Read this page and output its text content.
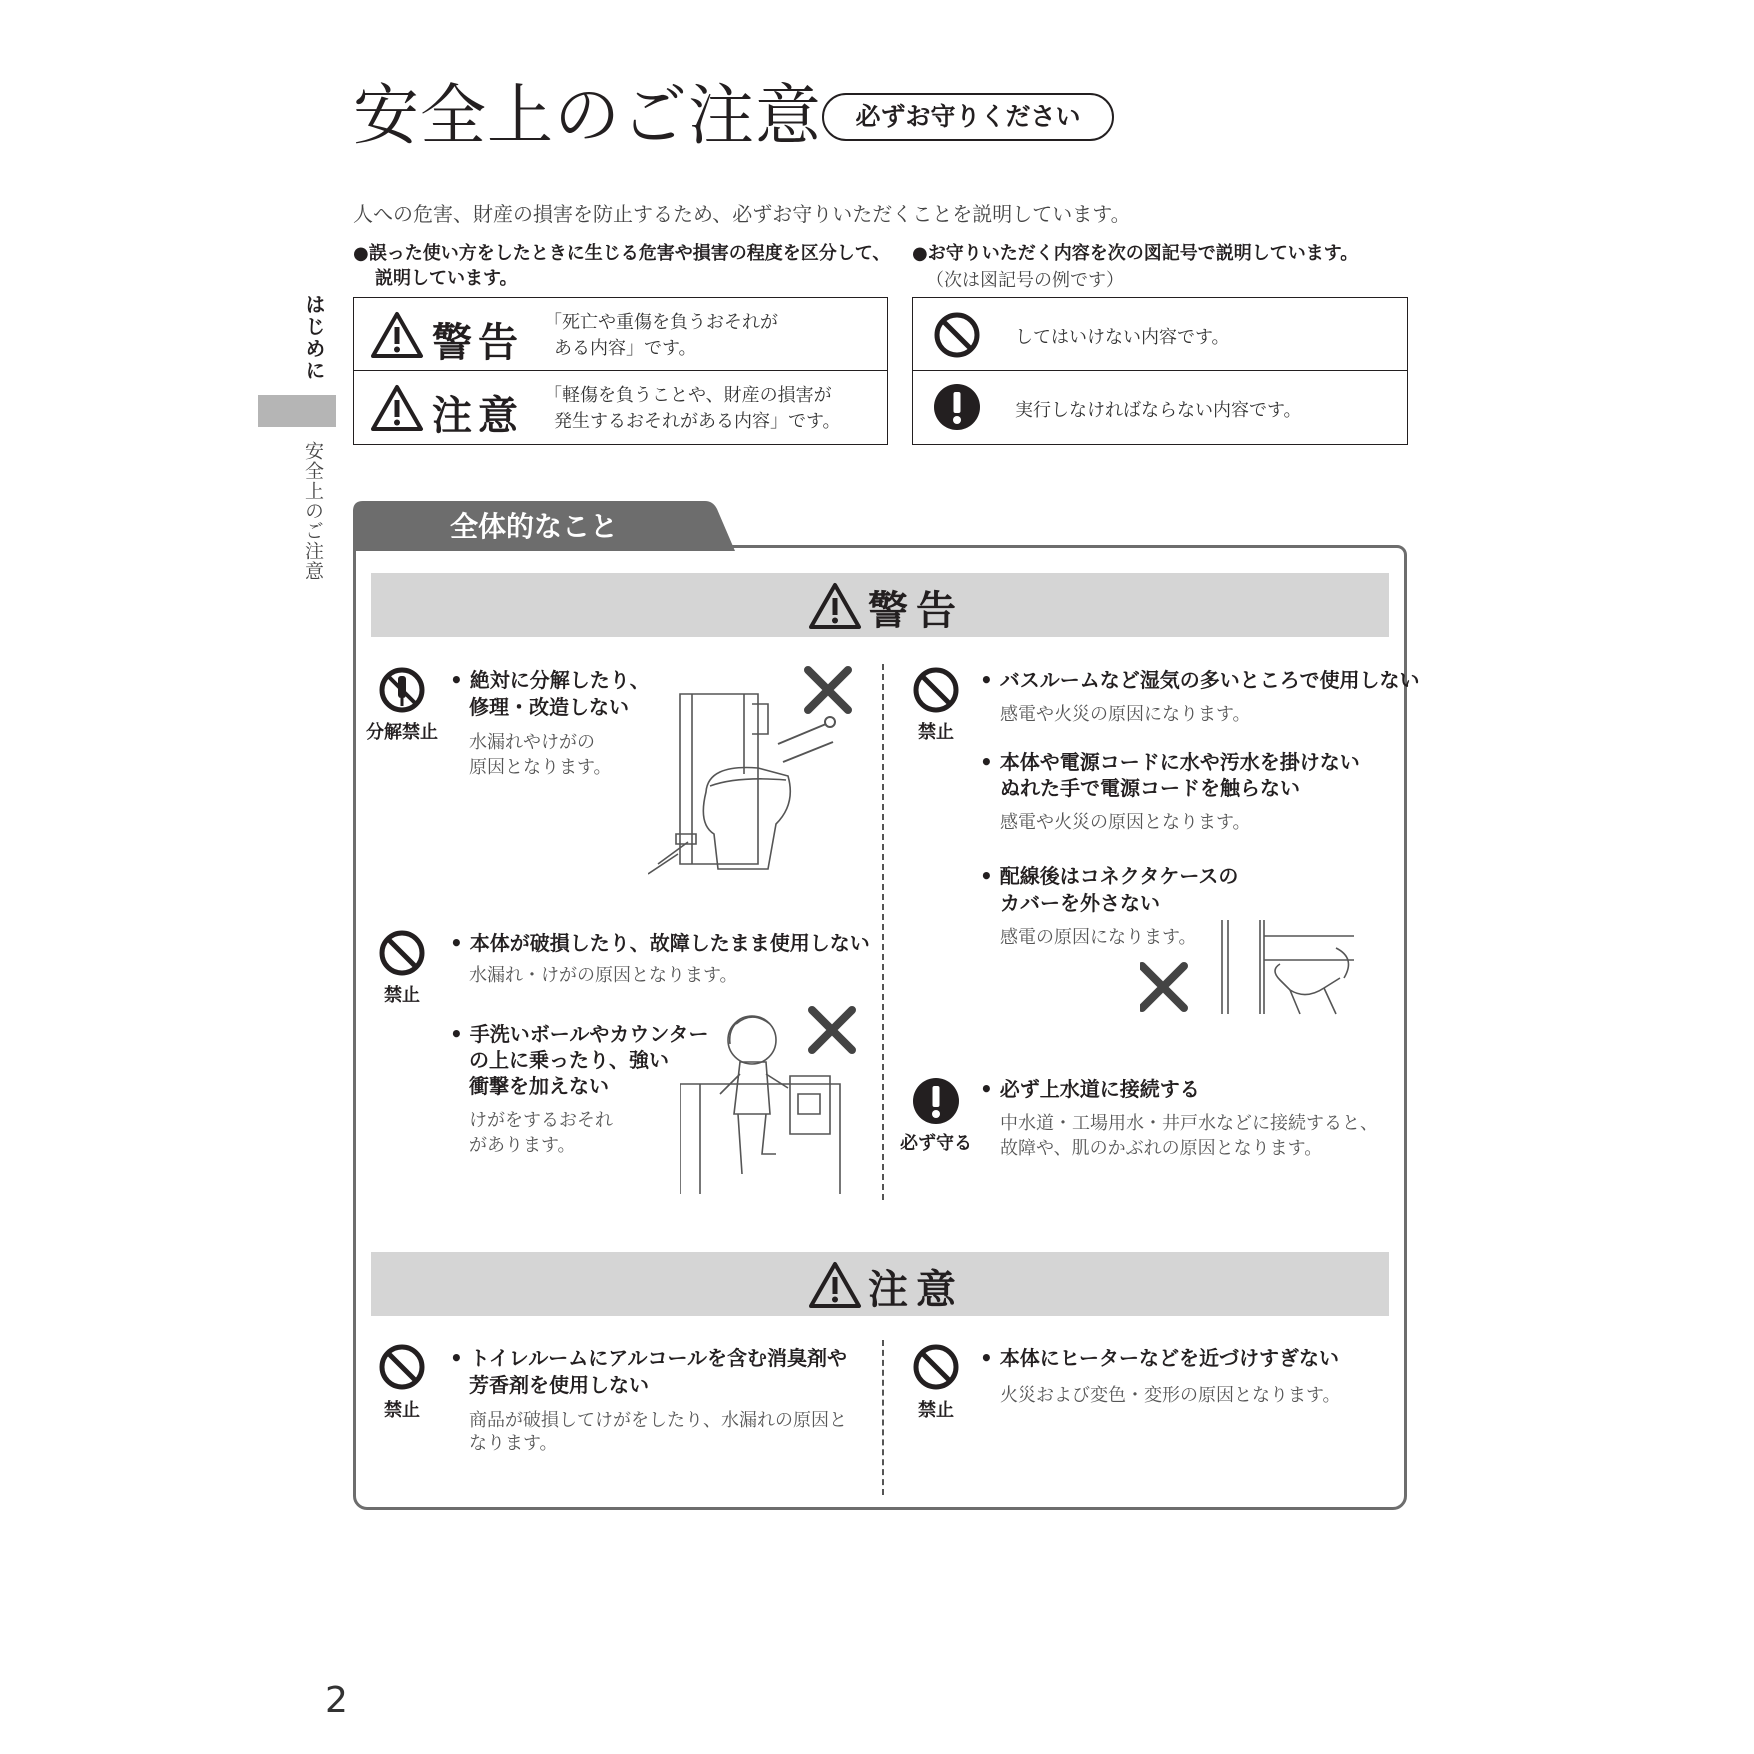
安全上のご注意	必ずお守りください
人への危害、財産の損害を防止するため、必ずお守りいただくことを説明しています。
●誤った使い方をしたときに生じる危害や損害の程度を区分して、
説明しています。
●お守りいただく内容を次の図記号で説明しています。
（次は図記号の例です）
警告 「死亡や重傷を負うおそれが
ある内容」です。
注意 「軽傷を負うことや、財産の損害が
発生するおそれがある内容」です。
してはいけない内容です。
実行しなければならない内容です。
はじめに
安全上のご注意	全体的なこと
警告
分解禁止
• 絶対に分解したり、
修理・改造しない
水漏れやけがの
原因となります。
禁止
• 本体が破損したり、故障したまま使用しない
水漏れ・けがの原因となります。
• 手洗いボールやカウンター
の上に乗ったり、強い
衝撃を加えない
けがをするおそれ
があります。
禁止
• バスルームなど湿気の多いところで使用しない
感電や火災の原因になります。
• 本体や電源コードに水や汚水を掛けない
ぬれた手で電源コードを触らない
感電や火災の原因となります。
• 配線後はコネクタケースの
カバーを外さない
感電の原因になります。
必ず守る
• 必ず上水道に接続する
中水道・工場用水・井戸水などに接続すると、
故障や、肌のかぶれの原因となります。
注意
禁止
• トイレルームにアルコールを含む消臭剤や
芳香剤を使用しない
商品が破損してけがをしたり、水漏れの原因と
なります。
禁止
• 本体にヒーターなどを近づけすぎない
火災および変色・変形の原因となります。
2
